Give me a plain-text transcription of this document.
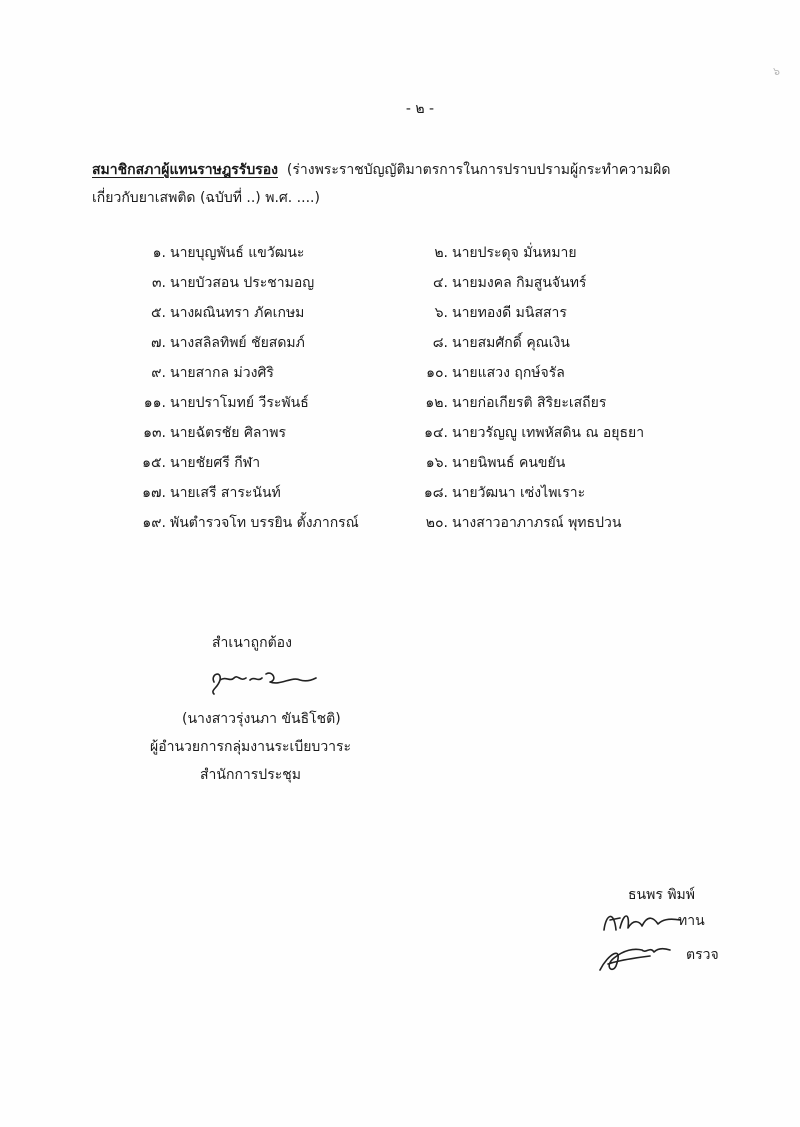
๖
- ๒ -
สมาชิกสภาผู้แทนราษฎรรับรอง (ร่างพระราชบัญญัติมาตรการในการปราบปรามผู้กระทำความผิดเกี่ยวกับยาเสพติด (ฉบับที่ ..) พ.ศ. ....)
๑. นายบุญพันธ์ แขวัฒนะ	๒. นายประดุจ มั่นหมาย
๓. นายบัวสอน ประชามอญ	๔. นายมงคล กิมสูนจันทร์
๕. นางผณินทรา ภัคเกษม	๖. นายทองดี มนิสสาร
๗. นางสลิลทิพย์ ชัยสดมภ์	๘. นายสมศักดิ์ คุณเงิน
๙. นายสากล ม่วงศิริ	๑๐. นายแสวง ฤกษ์จรัล
๑๑. นายปราโมทย์ วีระพันธ์	๑๒. นายก่อเกียรติ สิริยะเสถียร
๑๓. นายฉัตรชัย ศิลาพร	๑๔. นายวรัญญู เทพหัสดิน ณ อยุธยา
๑๕. นายชัยศรี กีฬา	๑๖. นายนิพนธ์ คนขยัน
๑๗. นายเสรี สาระนันท์	๑๘. นายวัฒนา เซ่งไพเราะ
๑๙. พันตำรวจโท บรรยิน ตั้งภากรณ์	๒๐. นางสาวอาภาภรณ์ พุทธปวน
สำเนาถูกต้อง
(นางสาวรุ่งนภา ขันธิโชติ)
ผู้อำนวยการกลุ่มงานระเบียบวาระ
สำนักการประชุม
ธนพร พิมพ์
ทาน
ตรวจ
